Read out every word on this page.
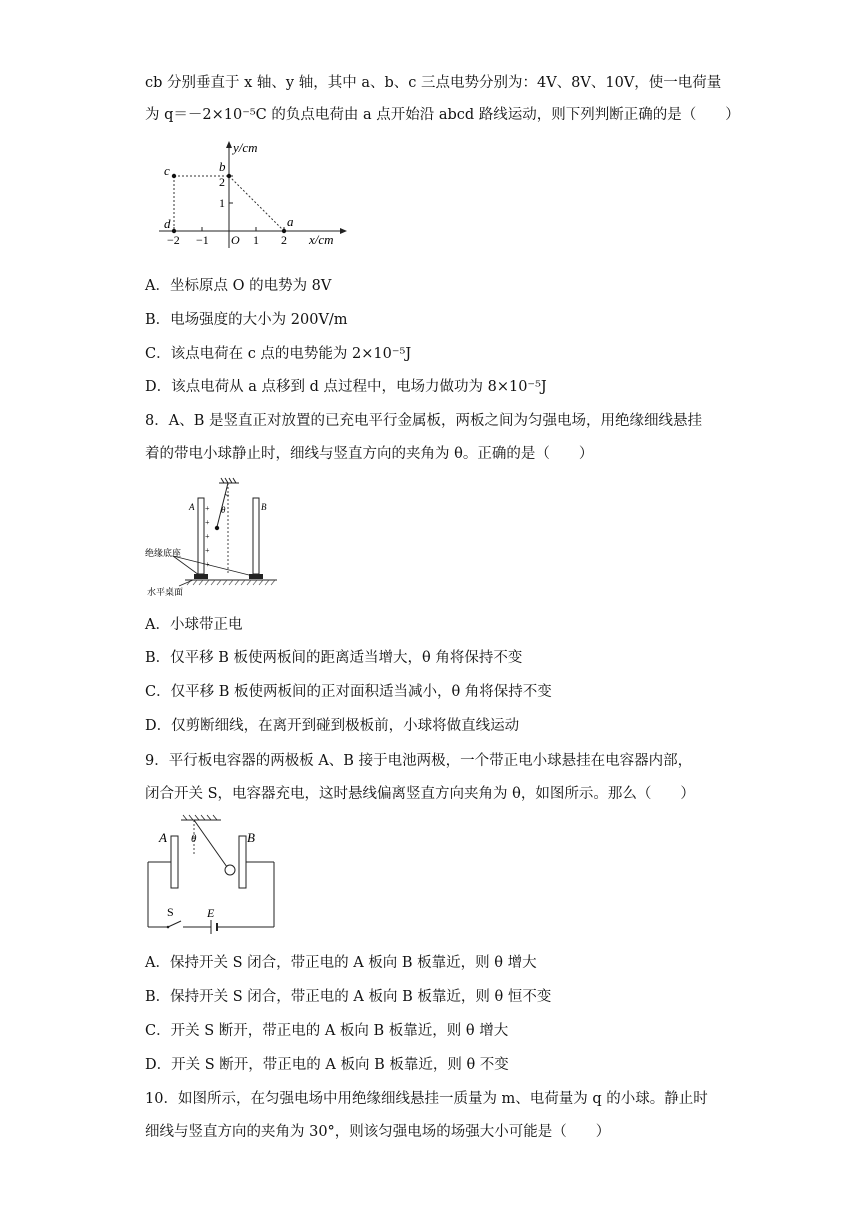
cb 分别垂直于 x 轴、y 轴，其中 a、b、c 三点电势分别为：4V、8V、10V，使一电荷量
为 q＝－2×10⁻⁵C 的负点电荷由 a 点开始沿 abcd 路线运动，则下列判断正确的是（　　）
y/cm
x/cm
O
−2 −1	1 2
1
2
a
b
c
d
A．坐标原点 O 的电势为 8V
B．电场强度的大小为 200V/m
C．该点电荷在 c 点的电势能为 2×10⁻⁵J
D．该点电荷从 a 点移到 d 点过程中，电场力做功为 8×10⁻⁵J
8．A、B 是竖直正对放置的已充电平行金属板，两板之间为匀强电场，用绝缘细线悬挂
着的带电小球静止时，细线与竖直方向的夹角为 θ。正确的是（　　）
θ
A +
+
+
+
B
绝缘底座
水平桌面
A．小球带正电
B．仅平移 B 板使两板间的距离适当增大，θ 角将保持不变
C．仅平移 B 板使两板间的正对面积适当减小，θ 角将保持不变
D．仅剪断细线，在离开到碰到极板前，小球将做直线运动
9．平行板电容器的两极板 A、B 接于电池两极，一个带正电小球悬挂在电容器内部，
闭合开关 S，电容器充电，这时悬线偏离竖直方向夹角为 θ，如图所示。那么（　　）
θ
A	B
S	E
A．保持开关 S 闭合，带正电的 A 板向 B 板靠近，则 θ 增大
B．保持开关 S 闭合，带正电的 A 板向 B 板靠近，则 θ 恒不变
C．开关 S 断开，带正电的 A 板向 B 板靠近，则 θ 增大
D．开关 S 断开，带正电的 A 板向 B 板靠近，则 θ 不变
10．如图所示，在匀强电场中用绝缘细线悬挂一质量为 m、电荷量为 q 的小球。静止时
细线与竖直方向的夹角为 30°，则该匀强电场的场强大小可能是（　　）
